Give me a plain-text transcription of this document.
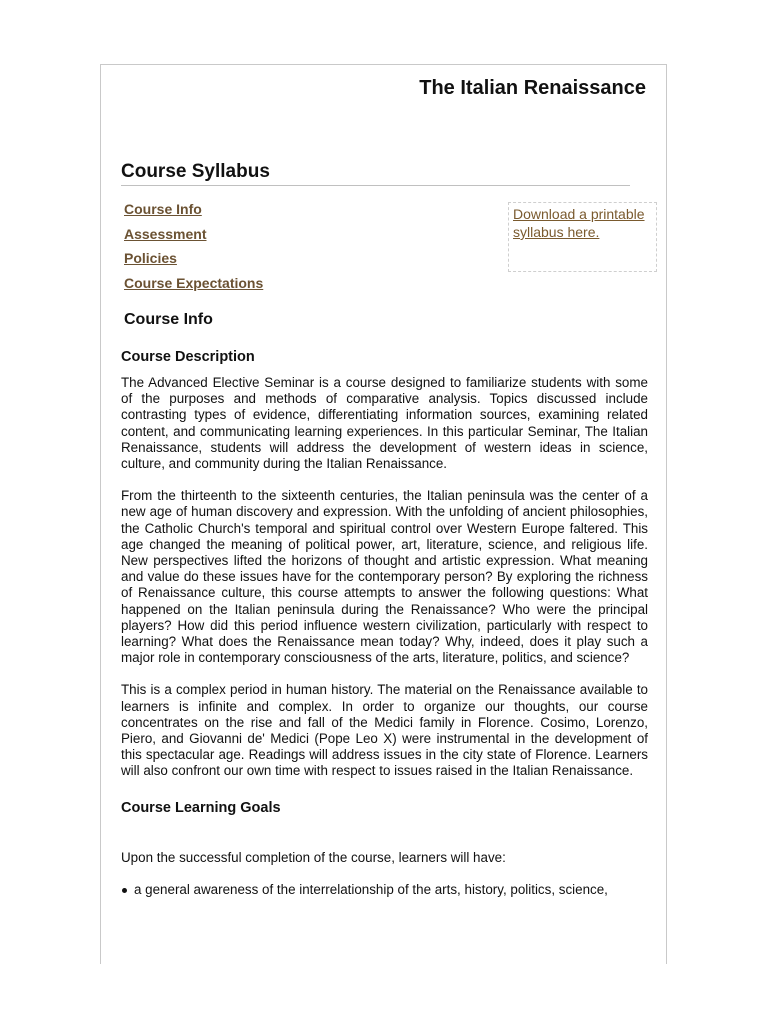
The Italian Renaissance
Course Syllabus
Course Info
Assessment
Policies
Course Expectations
Download a printable syllabus here.
Course Info
Course Description

The Advanced Elective Seminar is a course designed to familiarize students with some of the purposes and methods of comparative analysis. Topics discussed include contrasting types of evidence, differentiating information sources, examining related content, and communicating learning experiences. In this particular Seminar, The Italian Renaissance, students will address the development of western ideas in science, culture, and community during the Italian Renaissance.

From the thirteenth to the sixteenth centuries, the Italian peninsula was the center of a new age of human discovery and expression. With the unfolding of ancient philosophies, the Catholic Church's temporal and spiritual control over Western Europe faltered. This age changed the meaning of political power, art, literature, science, and religious life. New perspectives lifted the horizons of thought and artistic expression. What meaning and value do these issues have for the contemporary person? By exploring the richness of Renaissance culture, this course attempts to answer the following questions: What happened on the Italian peninsula during the Renaissance? Who were the principal players? How did this period influence western civilization, particularly with respect to learning? What does the Renaissance mean today? Why, indeed, does it play such a major role in contemporary consciousness of the arts, literature, politics, and science?

This is a complex period in human history. The material on the Renaissance available to learners is infinite and complex. In order to organize our thoughts, our course concentrates on the rise and fall of the Medici family in Florence. Cosimo, Lorenzo, Piero, and Giovanni de' Medici (Pope Leo X) were instrumental in the development of this spectacular age. Readings will address issues in the city state of Florence. Learners will also confront our own time with respect to issues raised in the Italian Renaissance.

Course Learning Goals

Upon the successful completion of the course, learners will have:

a general awareness of the interrelationship of the arts, history, politics, science,
